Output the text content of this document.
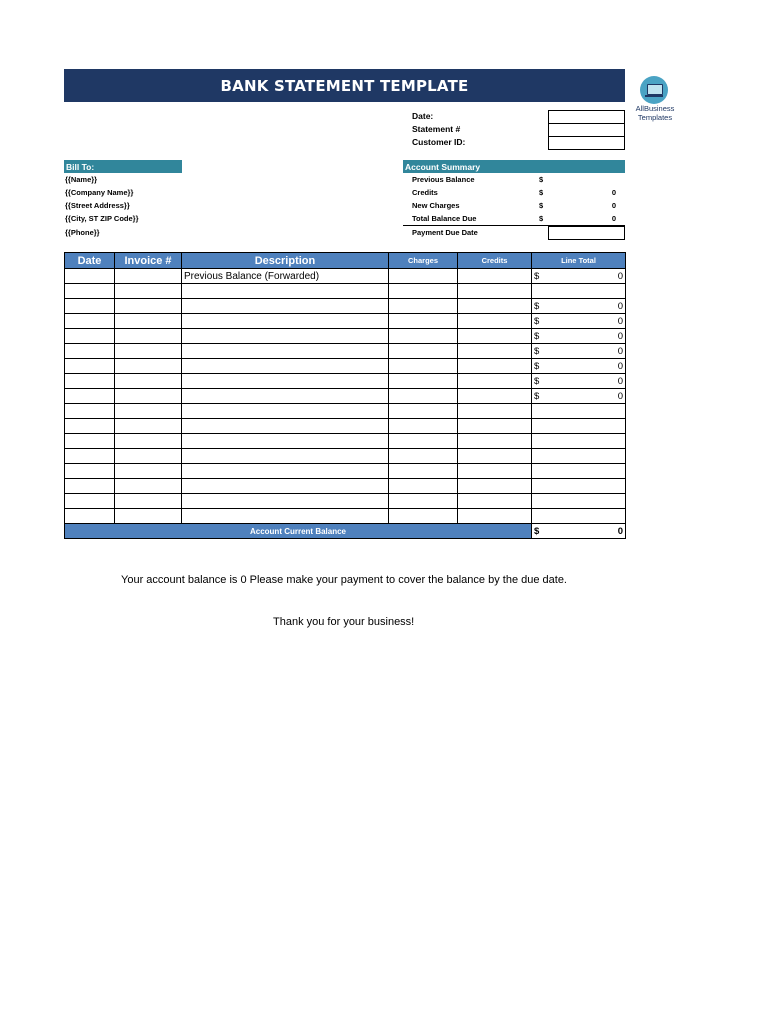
BANK STATEMENT TEMPLATE
AllBusiness
Templates
Date:
Statement #
Customer ID:
Bill To:
{{Name}}
{{Company Name}}
{{Street Address}}
{{City, ST ZIP Code}}
{{Phone}}
Account Summary
Previous Balance	$
Credits	$	0
New Charges	$	0
Total Balance Due	$	0
Payment Due Date
Date	Invoice #	Description	Charges	Credits	Line Total
		Previous Balance (Forwarded)			$ 0

					$ 0

					$ 0

					$ 0

					$ 0

					$ 0

					$ 0

					$ 0

Account Current Balance					$ 0
Your account balance is 0 Please make your payment to cover the balance by the due date.
Thank you for your business!
